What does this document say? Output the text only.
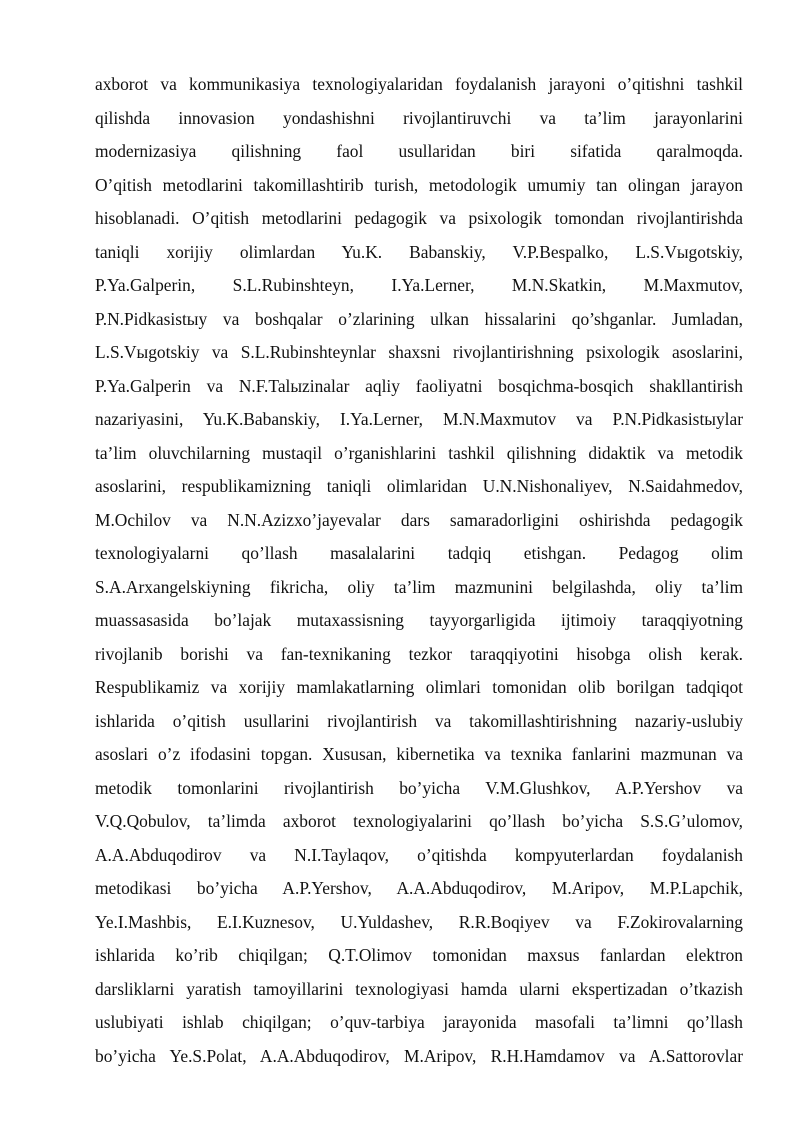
axborot va kommunikasiya texnologiyalaridan foydalanish jarayoni o’qitishni tashkil
qilishda innovasion yondashishni rivojlantiruvchi va ta’lim jarayonlarini
modernizasiya qilishning faol usullaridan biri sifatida qaralmoqda.
O’qitish metodlarini takomillashtirib turish, metodologik umumiy tan olingan jarayon
hisoblanadi. O’qitish metodlarini pedagogik va psixologik tomondan rivojlantirishda
taniqli xorijiy olimlardan Yu.K. Babanskiy, V.P.Bespalko, L.S.Vыgotskiy,
P.Ya.Galperin, S.L.Rubinshteyn, I.Ya.Lerner, M.N.Skatkin, M.Maxmutov,
P.N.Pidkasistыy va boshqalar o’zlarining ulkan hissalarini qo’shganlar. Jumladan,
L.S.Vыgotskiy va S.L.Rubinshteynlar shaxsni rivojlantirishning psixologik asoslarini,
P.Ya.Galperin va N.F.Talыzinalar aqliy faoliyatni bosqichma-bosqich shakllantirish
nazariyasini, Yu.K.Babanskiy, I.Ya.Lerner, M.N.Maxmutov va P.N.Pidkasistыylar
ta’lim oluvchilarning mustaqil o’rganishlarini tashkil qilishning didaktik va metodik
asoslarini, respublikamizning taniqli olimlaridan U.N.Nishonaliyev, N.Saidahmedov,
M.Ochilov va N.N.Azizxo’jayevalar dars samaradorligini oshirishda pedagogik
texnologiyalarni qo’llash masalalarini tadqiq etishgan. Pedagog olim
S.A.Arxangelskiyning fikricha, oliy ta’lim mazmunini belgilashda, oliy ta’lim
muassasasida bo’lajak mutaxassisning tayyorgarligida ijtimoiy taraqqiyotning
rivojlanib borishi va fan-texnikaning tezkor taraqqiyotini hisobga olish kerak.
Respublikamiz va xorijiy mamlakatlarning olimlari tomonidan olib borilgan tadqiqot
ishlarida o’qitish usullarini rivojlantirish va takomillashtirishning nazariy-uslubiy
asoslari o’z ifodasini topgan. Xususan, kibernetika va texnika fanlarini mazmunan va
metodik tomonlarini rivojlantirish bo’yicha V.M.Glushkov, A.P.Yershov va
V.Q.Qobulov, ta’limda axborot texnologiyalarini qo’llash bo’yicha S.S.G’ulomov,
A.A.Abduqodirov va N.I.Taylaqov, o’qitishda kompyuterlardan foydalanish
metodikasi bo’yicha A.P.Yershov, A.A.Abduqodirov, M.Aripov, M.P.Lapchik,
Ye.I.Mashbis, E.I.Kuznesov, U.Yuldashev, R.R.Boqiyev va F.Zokirovalarning
ishlarida ko’rib chiqilgan; Q.T.Olimov tomonidan maxsus fanlardan elektron
darsliklarni yaratish tamoyillarini texnologiyasi hamda ularni ekspertizadan o’tkazish
uslubiyati ishlab chiqilgan; o’quv-tarbiya jarayonida masofali ta’limni qo’llash
bo’yicha Ye.S.Polat, A.A.Abduqodirov, M.Aripov, R.H.Hamdamov va A.Sattorovlar
